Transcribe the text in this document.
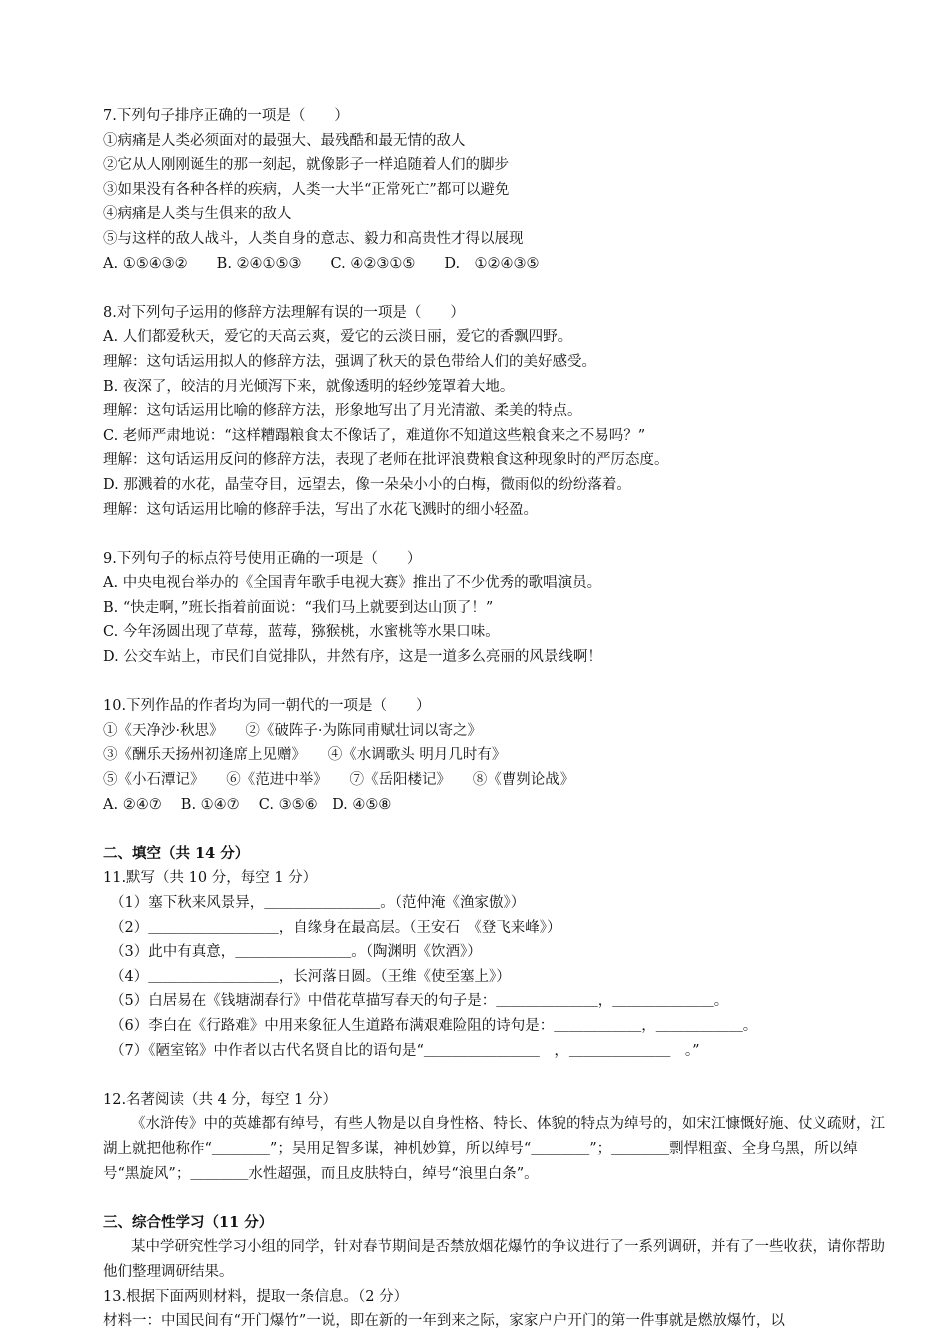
7.下列句子排序正确的一项是（　　）
①病痛是人类必须面对的最强大、最残酷和最无情的敌人
②它从人刚刚诞生的那一刻起，就像影子一样追随着人们的脚步
③如果没有各种各样的疾病，人类一大半“正常死亡”都可以避免
④病痛是人类与生俱来的敌人
⑤与这样的敌人战斗，人类自身的意志、毅力和高贵性才得以展现
A. ①⑤④③②　　B. ②④①⑤③　　C. ④②③①⑤　　D.　①②④③⑤
8.对下列句子运用的修辞方法理解有误的一项是（　　）
A. 人们都爱秋天，爱它的天高云爽，爱它的云淡日丽，爱它的香飘四野。
理解：这句话运用拟人的修辞方法，强调了秋天的景色带给人们的美好感受。
B. 夜深了，皎洁的月光倾泻下来，就像透明的轻纱笼罩着大地。
理解：这句话运用比喻的修辞方法，形象地写出了月光清澈、柔美的特点。
C. 老师严肃地说：“这样糟蹋粮食太不像话了，难道你不知道这些粮食来之不易吗？”
理解：这句话运用反问的修辞方法，表现了老师在批评浪费粮食这种现象时的严厉态度。
D. 那溅着的水花，晶莹夺目，远望去，像一朵朵小小的白梅，微雨似的纷纷落着。
理解：这句话运用比喻的修辞手法，写出了水花飞溅时的细小轻盈。
9.下列句子的标点符号使用正确的一项是（　　）
A. 中央电视台举办的《全国青年歌手电视大赛》推出了不少优秀的歌唱演员。
B. “快走啊，”班长指着前面说：“我们马上就要到达山顶了！”
C. 今年汤圆出现了草莓，蓝莓，猕猴桃，水蜜桃等水果口味。
D. 公交车站上，市民们自觉排队，井然有序，这是一道多么亮丽的风景线啊！
10.下列作品的作者均为同一朝代的一项是（　　）
①《天净沙·秋思》　　②《破阵子·为陈同甫赋壮词以寄之》
③《酬乐天扬州初逢席上见赠》　　④《水调歌头 明月几时有》
⑤《小石潭记》　　⑥《范进中举》　　⑦《岳阳楼记》　　⑧《曹刿论战》
A. ②④⑦　 B. ①④⑦　 C. ③⑤⑥　D. ④⑤⑧
二、填空（共 14 分）
11.默写（共 10 分，每空 1 分）
（1）塞下秋来风景异，＿＿＿＿＿＿＿＿。（范仲淹《渔家傲》）
（2）＿＿＿＿＿＿＿＿＿，自缘身在最高层。（王安石　《登飞来峰》）
（3）此中有真意，＿＿＿＿＿＿＿＿。（陶渊明《饮酒》）
（4）＿＿＿＿＿＿＿＿＿，长河落日圆。（王维《使至塞上》）
（5）白居易在《钱塘湖春行》中借花草描写春天的句子是：＿＿＿＿＿＿＿，＿＿＿＿＿＿＿。
（6）李白在《行路难》中用来象征人生道路布满艰难险阻的诗句是：＿＿＿＿＿＿，＿＿＿＿＿＿。
（7）《陋室铭》中作者以古代名贤自比的语句是“＿＿＿＿＿＿＿＿　，＿＿＿＿＿＿＿　。”
12.名著阅读（共 4 分，每空 1 分）
《水浒传》中的英雄都有绰号，有些人物是以自身性格、特长、体貌的特点为绰号的，如宋江慷慨好施、仗义疏财，江湖上就把他称作“＿＿＿＿”；吴用足智多谋，神机妙算，所以绰号“＿＿＿＿”；＿＿＿＿剽悍粗蛮、全身乌黑，所以绰号“黑旋风”；＿＿＿＿水性超强，而且皮肤特白，绰号“浪里白条”。
三、综合性学习（11 分）
某中学研究性学习小组的同学，针对春节期间是否禁放烟花爆竹的争议进行了一系列调研，并有了一些收获，请你帮助他们整理调研结果。
13.根据下面两则材料，提取一条信息。（2 分）
材料一：中国民间有“开门爆竹”一说，即在新的一年到来之际，家家户户开门的第一件事就是燃放爆竹，以
